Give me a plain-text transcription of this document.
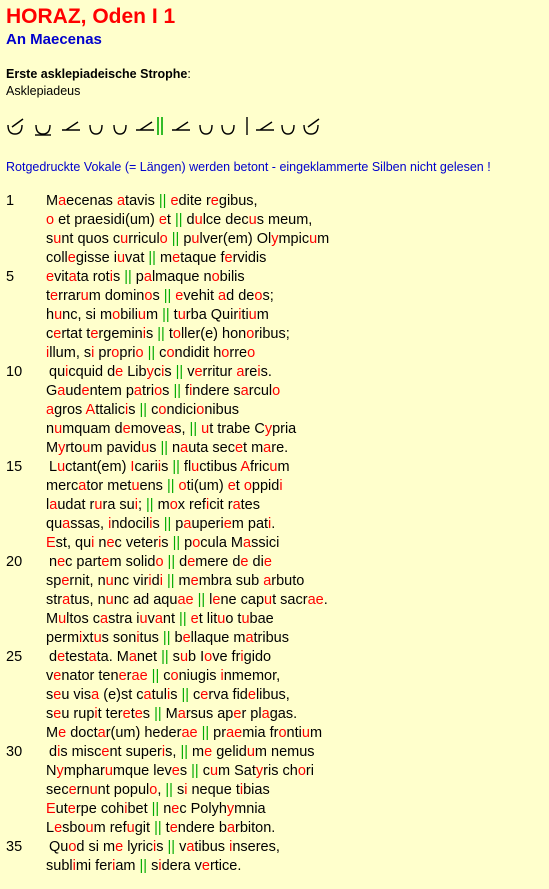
HORAZ, Oden I 1
An Maecenas
Erste asklepiadeische Strophe:
Asklepiadeus
Rotgedruckte Vokale (= Längen) werden betont - eingeklammerte Silben nicht gelesen !
1 Maecenas atavis || edite regibus,
o et praesidi(um) et || dulce decus meum,
sunt quos curriculo || pulver(em) Olympicum
collegisse iuvat || metaque fervidis
5 evitata rotis || palmaque nobilis
terrarum dominos || evehit ad deos;
hunc, si mobilium || turba Quiritium
certat tergeminis || toller(e) honoribus;
illum, si proprio || condidit horreo
10 quicquid de Libycis || verritur areis.
Gaudentem patrios || findere sarculo
agros Attalicis || condicionibus
numquam demoveas, || ut trabe Cypria
Myrtoum pavidus || nauta secet mare.
15 Luctant(em) Icariis || fluctibus Africum
mercator metuens || oti(um) et oppidi
laudat rura sui; || mox reficit rates
quassas, indocilis || pauperiem pati.
Est, qui nec veteris || pocula Massici
20 nec partem solido || demere de die
spernit, nunc viridi || membra sub arbuto
stratus, nunc ad aquae || lene caput sacrae.
Multos castra iuvant || et lituo tubae
permixtus sonitus || bellaque matribus
25 detestata. Manet || sub Iove frigido
venator tenerae || coniugis inmemor,
seu visa (e)st catulis || cerva fidelibus,
seu rupit teretes || Marsus aper plagas.
Me doctar(um) hederae || praemia frontium
30 dis miscent superis, || me gelidum nemus
Nympharumque leves || cum Satyris chori
secernunt populo, || si neque tibias
Euterpe cohibet || nec Polyhymnia
Lesboum refugit || tendere barbiton.
35 Quod si me lyricis || vatibus inseres,
sublimi feriam || sidera vertice.
